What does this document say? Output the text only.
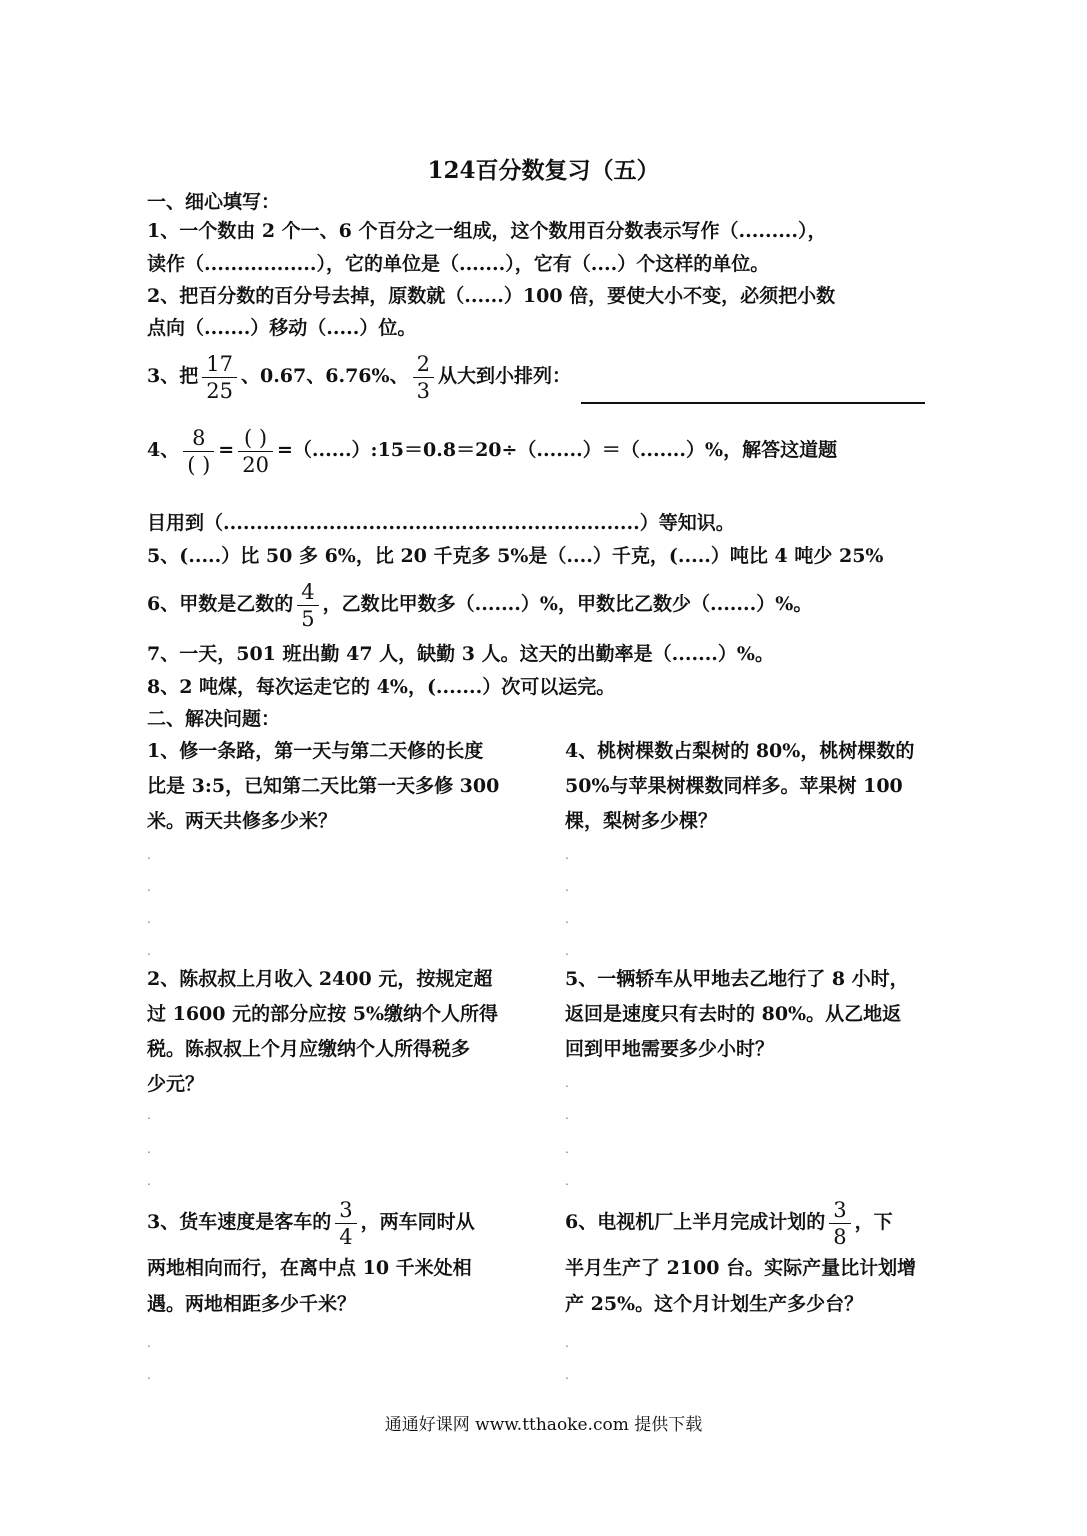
124百分数复习（五）
一、细心填写：
1、一个数由 2 个一、6 个百分之一组成，这个数用百分数表示写作（.........），
读作（.................），它的单位是（.......），它有（....）个这样的单位。
2、把百分数的百分号去掉，原数就（......）100 倍，要使大小不变，必须把小数
点向（.......）移动（.....）位。
3、把 $\frac{17}{25}$ 、0.67、6.76%、 $\frac{2}{3}$ 从大到小排列：
4、 $\frac{8}{( )} = \frac{( )}{20}$ =（......）:15＝0.8＝20÷（.......）＝（.......）%，解答这道题
目用到（...............................................................）等知识。
5、(.....）比 50 多 6%，比 20 千克多 5%是（....）千克，(.....）吨比 4 吨少 25%
6、甲数是乙数的 $\frac{4}{5}$ ，乙数比甲数多（.......）%，甲数比乙数少（.......）%。
7、一天，501 班出勤 47 人，缺勤 3 人。这天的出勤率是（.......）%。
8、2 吨煤，每次运走它的 4%，(.......）次可以运完。
二、解决问题：

1、修一条路，第一天与第二天修的长度

比是 3:5，已知第二天比第一天多修 300

米。两天共修多少米？

4、桃树棵数占梨树的 80%，桃树棵数的

50%与苹果树棵数同样多。苹果树 100

棵，梨树多少棵？

2、陈叔叔上月收入 2400 元，按规定超

过 1600 元的部分应按 5%缴纳个人所得

税。陈叔叔上个月应缴纳个人所得税多

少元？

5、一辆轿车从甲地去乙地行了 8 小时，

返回是速度只有去时的 80%。从乙地返

回到甲地需要多少小时？

3、货车速度是客车的 $\frac{3}{4}$ ，两车同时从

两地相向而行，在离中点 10 千米处相

遇。两地相距多少千米？

6、电视机厂上半月完成计划的 $\frac{3}{8}$ ，下

半月生产了 2100 台。实际产量比计划增

产 25%。这个月计划生产多少台？

.
.
.
.
.
.
.
.
.
.
.
.
.
.
.
.
.
.
.
通通好课网 www.tthaoke.com 提供下载
